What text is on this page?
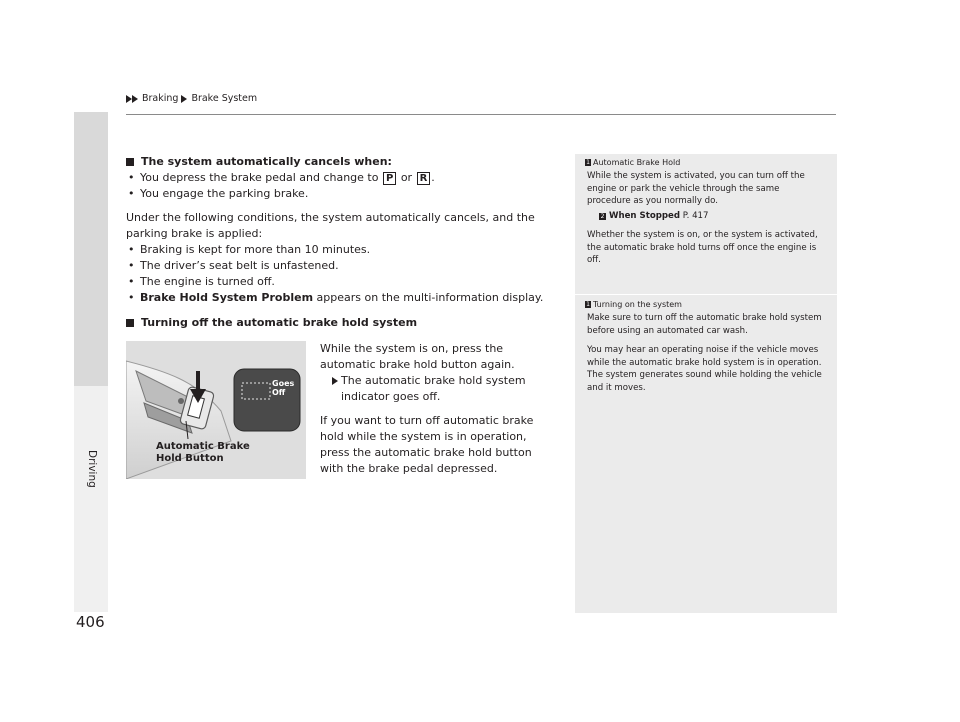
Braking Brake System
Driving
406
The system automatically cancels when:
• You depress the brake pedal and change to P or R .
• You engage the parking brake.
Under the following conditions, the system automatically cancels, and the parking brake is applied:
• Braking is kept for more than 10 minutes.
• The driver’s seat belt is unfastened.
• The engine is turned off.
• Brake Hold System Problem appears on the multi-information display.
Turning off the automatic brake hold system
Goes
Off
Automatic Brake
Hold Button
While the system is on, press the automatic brake hold button again.
The automatic brake hold system indicator goes off.
If you want to turn off automatic brake hold while the system is in operation, press the automatic brake hold button with the brake pedal depressed.
1 Automatic Brake Hold

While the system is activated, you can turn off the engine or park the vehicle through the same procedure as you normally do.

2 When Stopped P. 417

Whether the system is on, or the system is activated, the automatic brake hold turns off once the engine is off.

1 Turning on the system

Make sure to turn off the automatic brake hold system before using an automated car wash.

You may hear an operating noise if the vehicle moves while the automatic brake hold system is in operation. The system generates sound while holding the vehicle and it moves.
